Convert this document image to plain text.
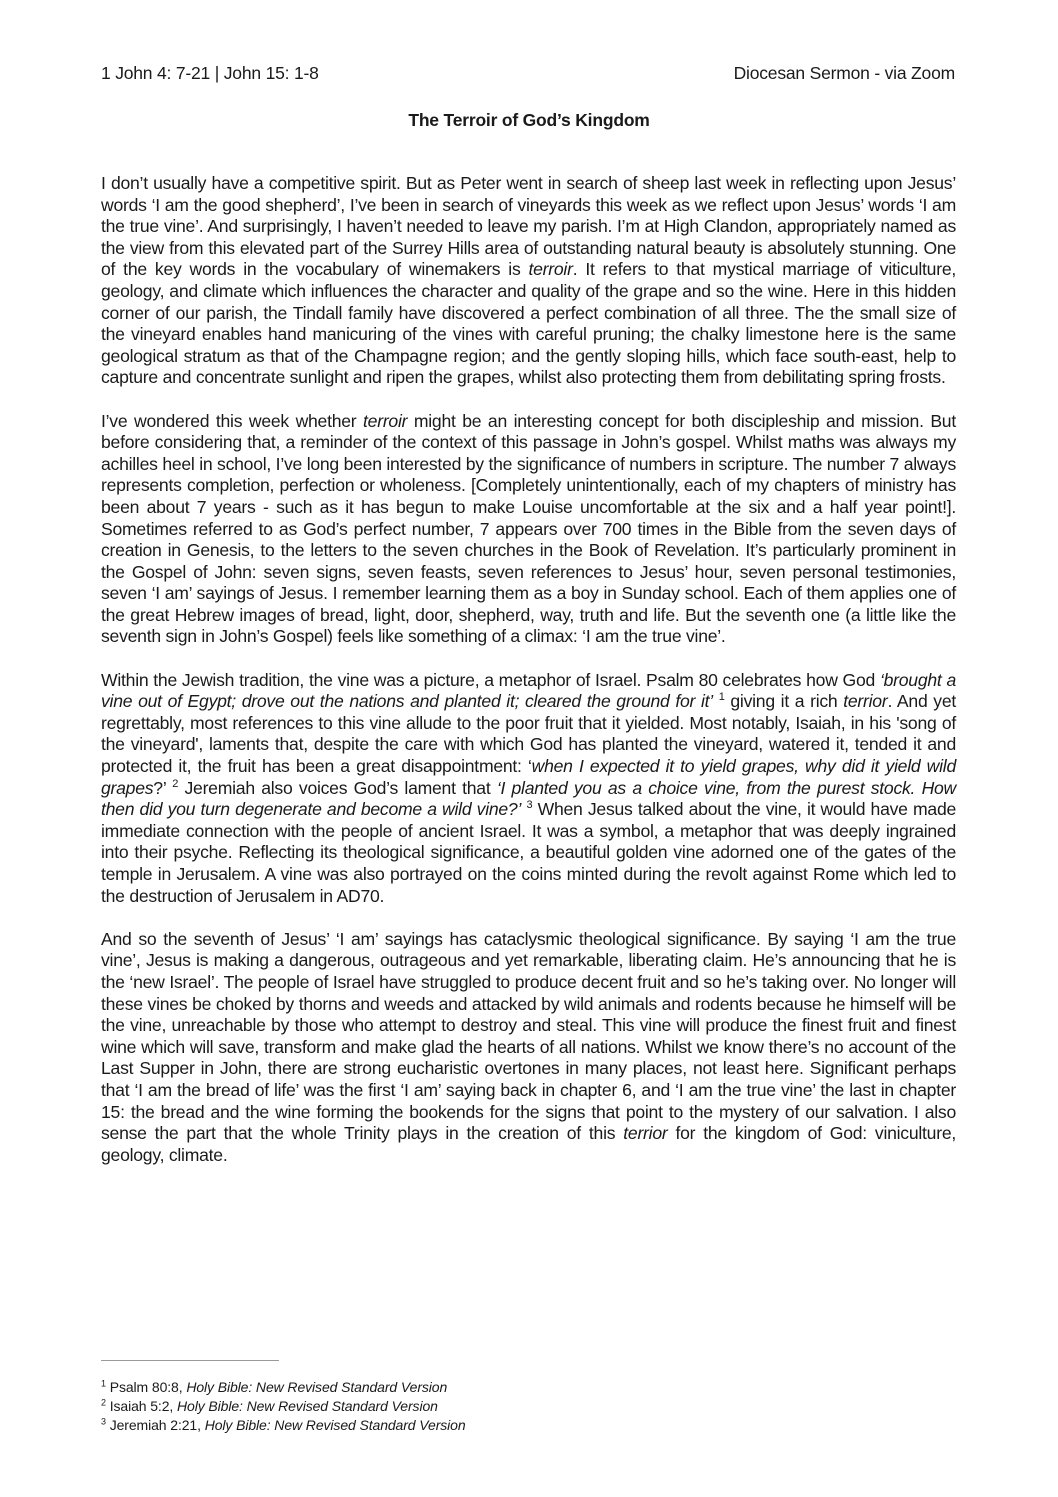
1 John 4: 7-21 | John 15: 1-8	Diocesan Sermon - via Zoom
The Terroir of God’s Kingdom

I don’t usually have a competitive spirit. But as Peter went in search of sheep last week in reflecting upon Jesus’ words ‘I am the good shepherd’, I’ve been in search of vineyards this week as we reflect upon Jesus’ words ‘I am the true vine’. And surprisingly, I haven’t needed to leave my parish. I’m at High Clandon, appropriately named as the view from this elevated part of the Surrey Hills area of outstanding natural beauty is absolutely stunning. One of the key words in the vocabulary of winemakers is terroir. It refers to that mystical marriage of viticulture, geology, and climate which influences the character and quality of the grape and so the wine. Here in this hidden corner of our parish, the Tindall family have discovered a perfect combination of all three. The the small size of the vineyard enables hand manicuring of the vines with careful pruning; the chalky limestone here is the same geological stratum as that of the Champagne region; and the gently sloping hills, which face south-east, help to capture and concentrate sunlight and ripen the grapes, whilst also protecting them from debilitating spring frosts.

I’ve wondered this week whether terroir might be an interesting concept for both discipleship and mission. But before considering that, a reminder of the context of this passage in John’s gospel. Whilst maths was always my achilles heel in school, I’ve long been interested by the significance of numbers in scripture. The number 7 always represents completion, perfection or wholeness. [Completely unintentionally, each of my chapters of ministry has been about 7 years - such as it has begun to make Louise uncomfortable at the six and a half year point!]. Sometimes referred to as God’s perfect number, 7 appears over 700 times in the Bible from the seven days of creation in Genesis, to the letters to the seven churches in the Book of Revelation. It’s particularly prominent in the Gospel of John: seven signs, seven feasts, seven references to Jesus’ hour, seven personal testimonies, seven ‘I am’ sayings of Jesus. I remember learning them as a boy in Sunday school. Each of them applies one of the great Hebrew images of bread, light, door, shepherd, way, truth and life. But the seventh one (a little like the seventh sign in John’s Gospel) feels like something of a climax: ‘I am the true vine’.

Within the Jewish tradition, the vine was a picture, a metaphor of Israel. Psalm 80 celebrates how God ‘brought a vine out of Egypt; drove out the nations and planted it; cleared the ground for it’ $^1$ giving it a rich terrior. And yet regrettably, most references to this vine allude to the poor fruit that it yielded. Most notably, Isaiah, in his 'song of the vineyard', laments that, despite the care with which God has planted the vineyard, watered it, tended it and protected it, the fruit has been a great disappointment: ‘when I expected it to yield grapes, why did it yield wild grapes?’ $^2$ Jeremiah also voices God’s lament that ‘I planted you as a choice vine, from the purest stock. How then did you turn degenerate and become a wild vine?’ $^3$ When Jesus talked about the vine, it would have made immediate connection with the people of ancient Israel. It was a symbol, a metaphor that was deeply ingrained into their psyche. Reflecting its theological significance, a beautiful golden vine adorned one of the gates of the temple in Jerusalem. A vine was also portrayed on the coins minted during the revolt against Rome which led to the destruction of Jerusalem in AD70.

And so the seventh of Jesus’ ‘I am’ sayings has cataclysmic theological significance. By saying ‘I am the true vine’, Jesus is making a dangerous, outrageous and yet remarkable, liberating claim. He’s announcing that he is the ‘new Israel’. The people of Israel have struggled to produce decent fruit and so he’s taking over. No longer will these vines be choked by thorns and weeds and attacked by wild animals and rodents because he himself will be the vine, unreachable by those who attempt to destroy and steal. This vine will produce the finest fruit and finest wine which will save, transform and make glad the hearts of all nations. Whilst we know there’s no account of the Last Supper in John, there are strong eucharistic overtones in many places, not least here. Significant perhaps that ‘I am the bread of life’ was the first ‘I am’ saying back in chapter 6, and ‘I am the true vine’ the last in chapter 15: the bread and the wine forming the bookends for the signs that point to the mystery of our salvation. I also sense the part that the whole Trinity plays in the creation of this terrior for the kingdom of God: viniculture, geology, climate.

$^1$ Psalm 80:8, Holy Bible: New Revised Standard Version
$^2$ Isaiah 5:2, Holy Bible: New Revised Standard Version
$^3$ Jeremiah 2:21, Holy Bible: New Revised Standard Version
